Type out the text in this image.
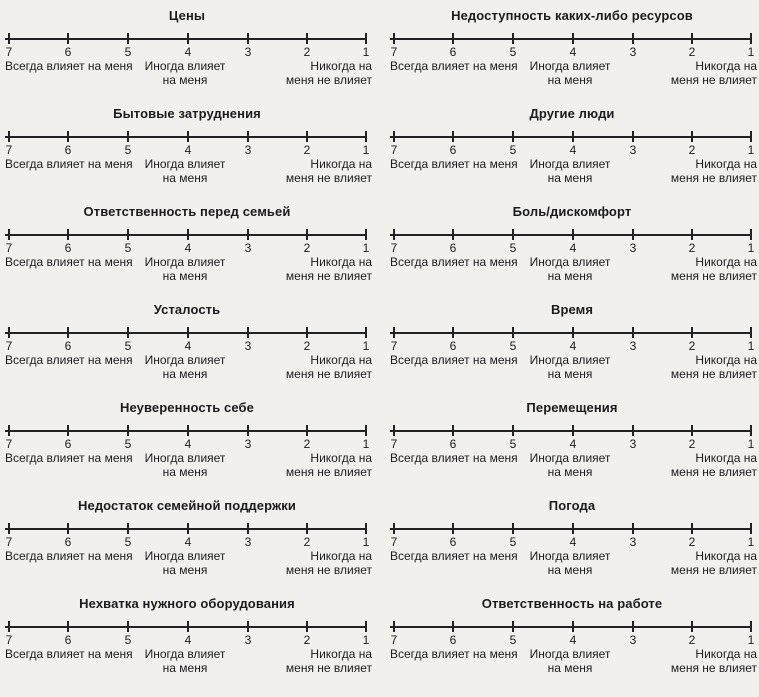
Цены
7	6	5	4	3	2	1
Всегда влияет на меня Иногда влияет на меня
Никогда на меня не влияет
Бытовые затруднения
7	6	5	4	3	2	1
Всегда влияет на меня Иногда влияет на меня
Никогда на меня не влияет
Ответственность перед семьей
7	6	5	4	3	2	1
Всегда влияет на меня Иногда влияет на меня
Никогда на меня не влияет
Усталость
7	6	5	4	3	2	1
Всегда влияет на меня Иногда влияет на меня
Никогда на меня не влияет
Неуверенность себе
7	6	5	4	3	2	1
Всегда влияет на меня Иногда влияет на меня
Никогда на меня не влияет
Недостаток семейной поддержки
7	6	5	4	3	2	1
Всегда влияет на меня Иногда влияет на меня
Никогда на меня не влияет
Нехватка нужного оборудования
7	6	5	4	3	2	1
Всегда влияет на меня Иногда влияет на меня
Никогда на меня не влияет
Недоступность каких-либо ресурсов
7	6	5	4	3	2	1
Всегда влияет на меня Иногда влияет на меня
Никогда на меня не влияет
Другие люди
7	6	5	4	3	2	1
Всегда влияет на меня Иногда влияет на меня
Никогда на меня не влияет
Боль/дискомфорт
7	6	5	4	3	2	1
Всегда влияет на меня Иногда влияет на меня
Никогда на меня не влияет
Время
7	6	5	4	3	2	1
Всегда влияет на меня Иногда влияет на меня
Никогда на меня не влияет
Перемещения
7	6	5	4	3	2	1
Всегда влияет на меня Иногда влияет на меня
Никогда на меня не влияет
Погода
7	6	5	4	3	2	1
Всегда влияет на меня Иногда влияет на меня
Никогда на меня не влияет
Ответственность на работе
7	6	5	4	3	2	1
Всегда влияет на меня Иногда влияет на меня
Никогда на меня не влияет
